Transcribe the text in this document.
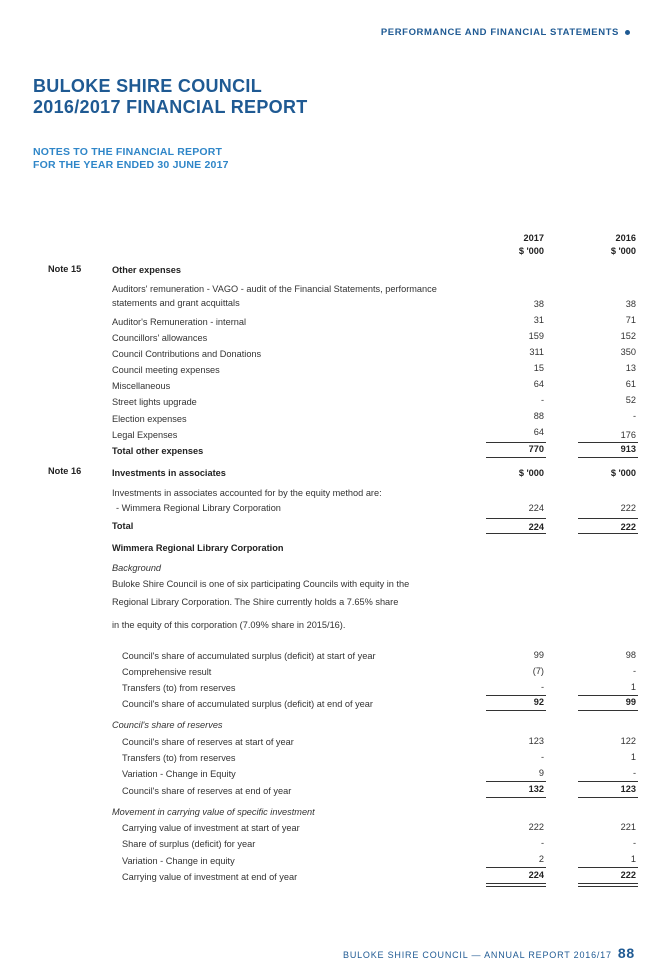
PERFORMANCE AND FINANCIAL STATEMENTS
BULOKE SHIRE COUNCIL
2016/2017 FINANCIAL REPORT
NOTES TO THE FINANCIAL REPORT
FOR THE YEAR ENDED 30 JUNE 2017
2017	2016
$ '000	$ '000
Note 15	Other expenses
Auditors' remuneration - VAGO - audit of the Financial Statements, performance
statements and grant acquittals	38	38
Auditor's Remuneration - internal	31	71
Councillors' allowances	159	152
Council Contributions and Donations	311	350
Council meeting expenses	15	13
Miscellaneous	64	61
Street lights upgrade	-	52
Election expenses	88	-
Legal Expenses	64	176
Total other expenses	770	913
Note 16	Investments in associates	$ '000	$ '000
Investments in associates accounted for by the equity method are:
- Wimmera Regional Library Corporation	224	222
Total	224	222
Wimmera Regional Library Corporation
Background
Buloke Shire Council is one of six participating Councils with equity in the
Regional Library Corporation. The Shire currently holds a 7.65% share
in the equity of this corporation (7.09% share in 2015/16).
Council's share of accumulated surplus (deficit) at start of year	99	98
Comprehensive result	(7)	-
Transfers (to) from reserves	-	1
Council's share of accumulated surplus (deficit) at end of year	92	99
Council's share of reserves
Council's share of reserves at start of year	123	122
Transfers (to) from reserves	-	1
Variation - Change in Equity	9	-
Council's share of reserves at end of year	132	123
Movement in carrying value of specific investment
Carrying value of investment at start of year	222	221
Share of surplus (deficit) for year	-	-
Variation - Change in equity	2	1
Carrying value of investment at end of year	224	222
BULOKE SHIRE COUNCIL — ANNUAL REPORT 2016/17 88
